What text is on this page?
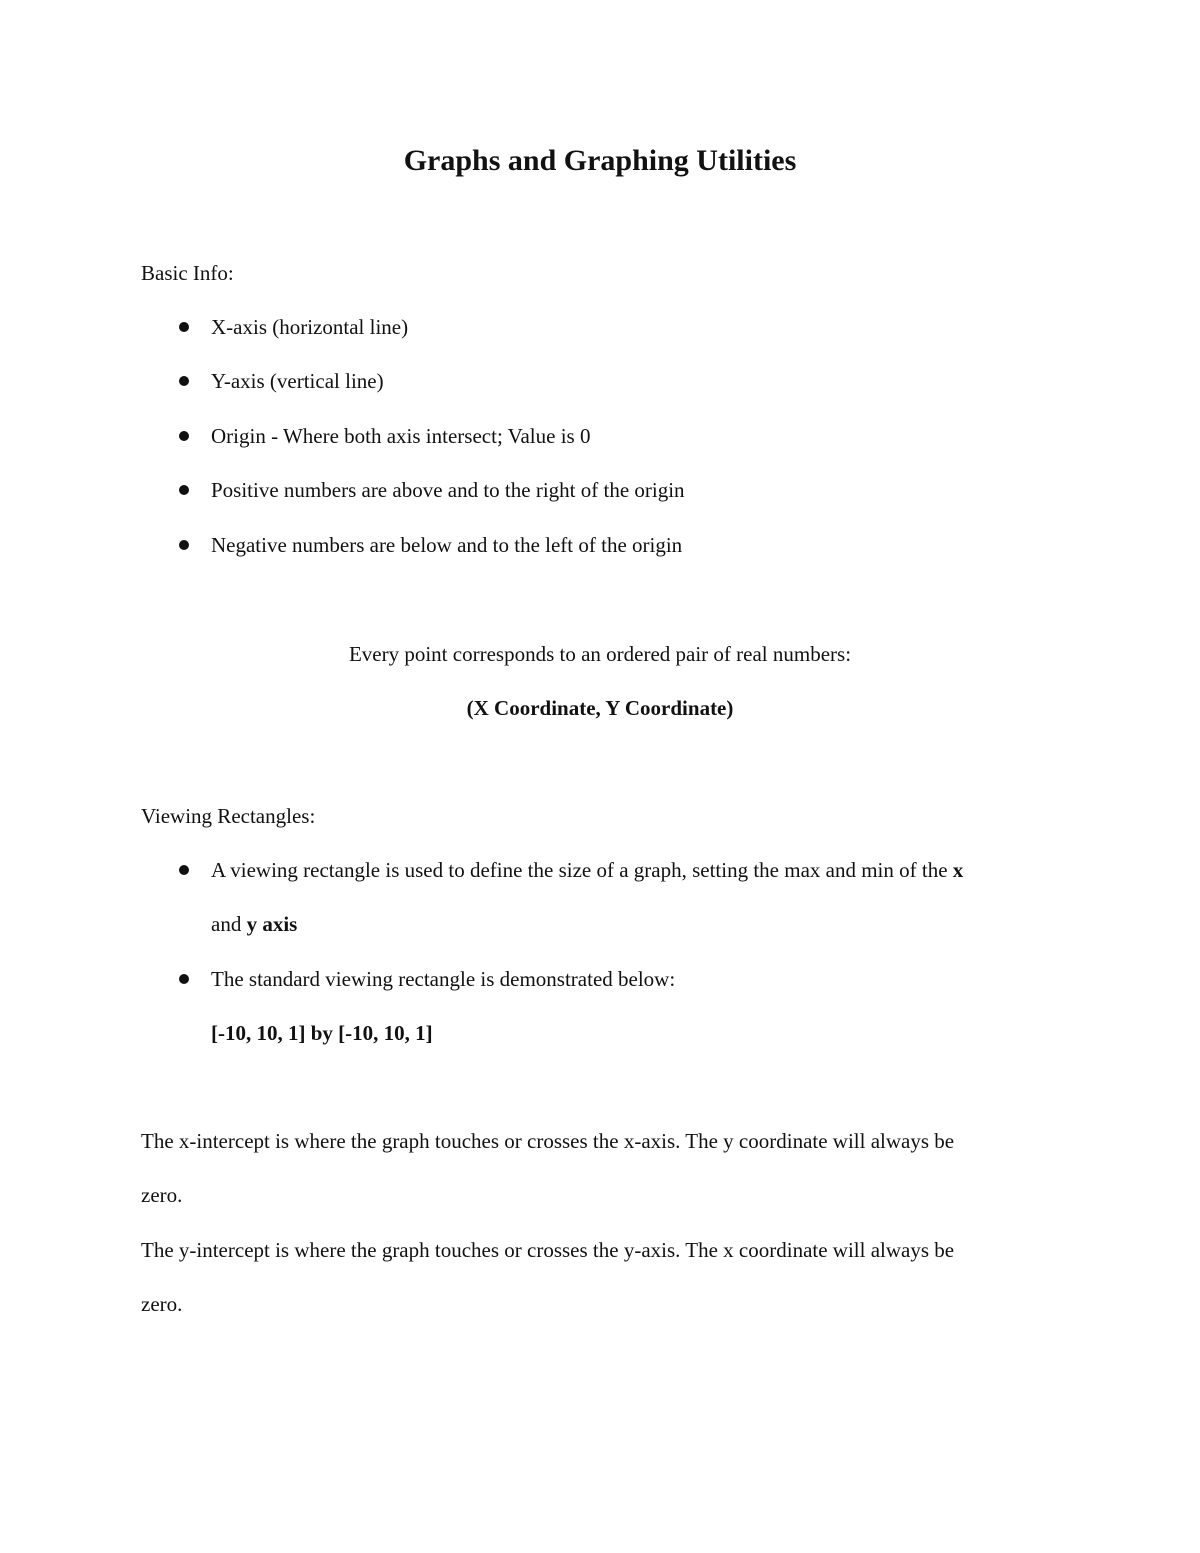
Graphs and Graphing Utilities

Basic Info:

X-axis (horizontal line)

Y-axis (vertical line)

Origin - Where both axis intersect; Value is 0

Positive numbers are above and to the right of the origin

Negative numbers are below and to the left of the origin

Every point corresponds to an ordered pair of real numbers:

(X Coordinate, Y Coordinate)

Viewing Rectangles:

A viewing rectangle is used to define the size of a graph, setting the max and min of the x

and y axis

The standard viewing rectangle is demonstrated below:

[-10, 10, 1] by [-10, 10, 1]

The x-intercept is where the graph touches or crosses the x-axis. The y coordinate will always be

zero.

The y-intercept is where the graph touches or crosses the y-axis. The x coordinate will always be

zero.
